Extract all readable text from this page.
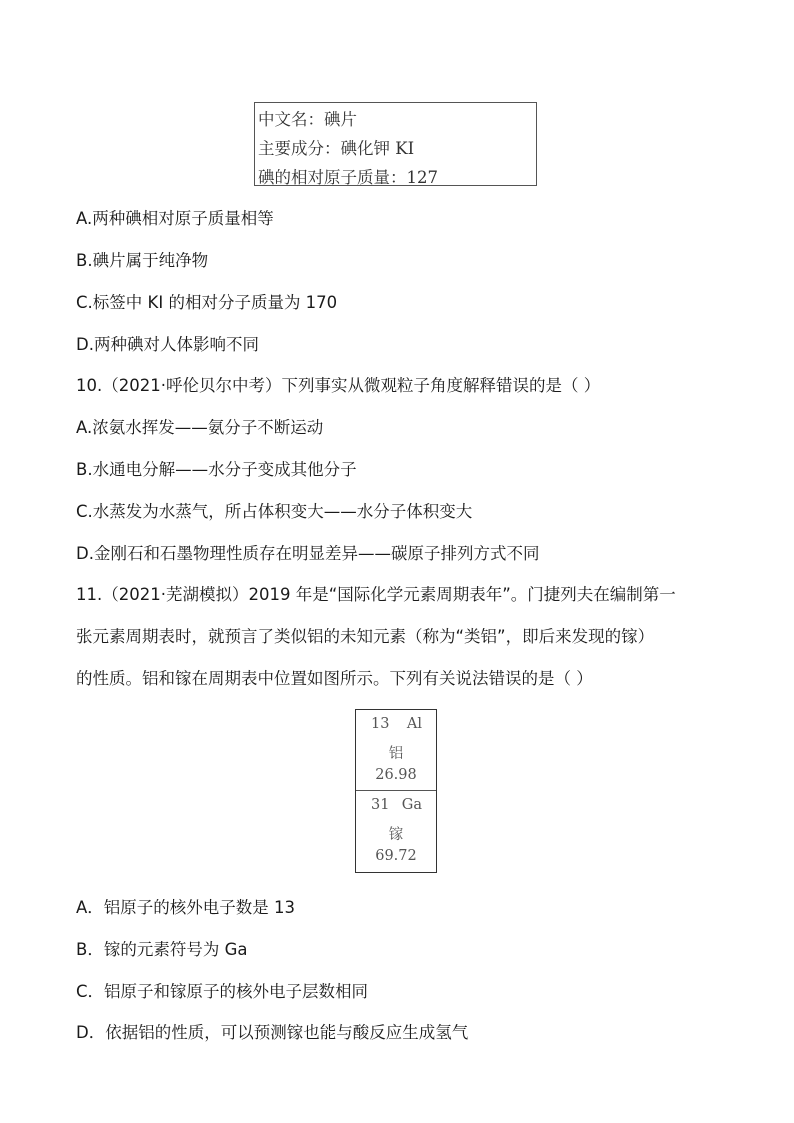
中文名：碘片
主要成分：碘化钾 KI
碘的相对原子质量：127
A.两种碘相对原子质量相等
B.碘片属于纯净物
C.标签中 KI 的相对分子质量为 170
D.两种碘对人体影响不同
10.（2021·呼伦贝尔中考）下列事实从微观粒子角度解释错误的是（ ）
A.浓氨水挥发——氨分子不断运动
B.水通电分解——水分子变成其他分子
C.水蒸发为水蒸气，所占体积变大——水分子体积变大
D.金刚石和石墨物理性质存在明显差异——碳原子排列方式不同
11.（2021·芜湖模拟）2019 年是“国际化学元素周期表年”。门捷列夫在编制第一
张元素周期表时，就预言了类似铝的未知元素（称为“类铝”，即后来发现的镓）
的性质。铝和镓在周期表中位置如图所示。下列有关说法错误的是（ ）
13 Al
铝
26.98
31 Ga
镓
69.72
A．铝原子的核外电子数是 13
B．镓的元素符号为 Ga
C．铝原子和镓原子的核外电子层数相同
D．依据铝的性质，可以预测镓也能与酸反应生成氢气
